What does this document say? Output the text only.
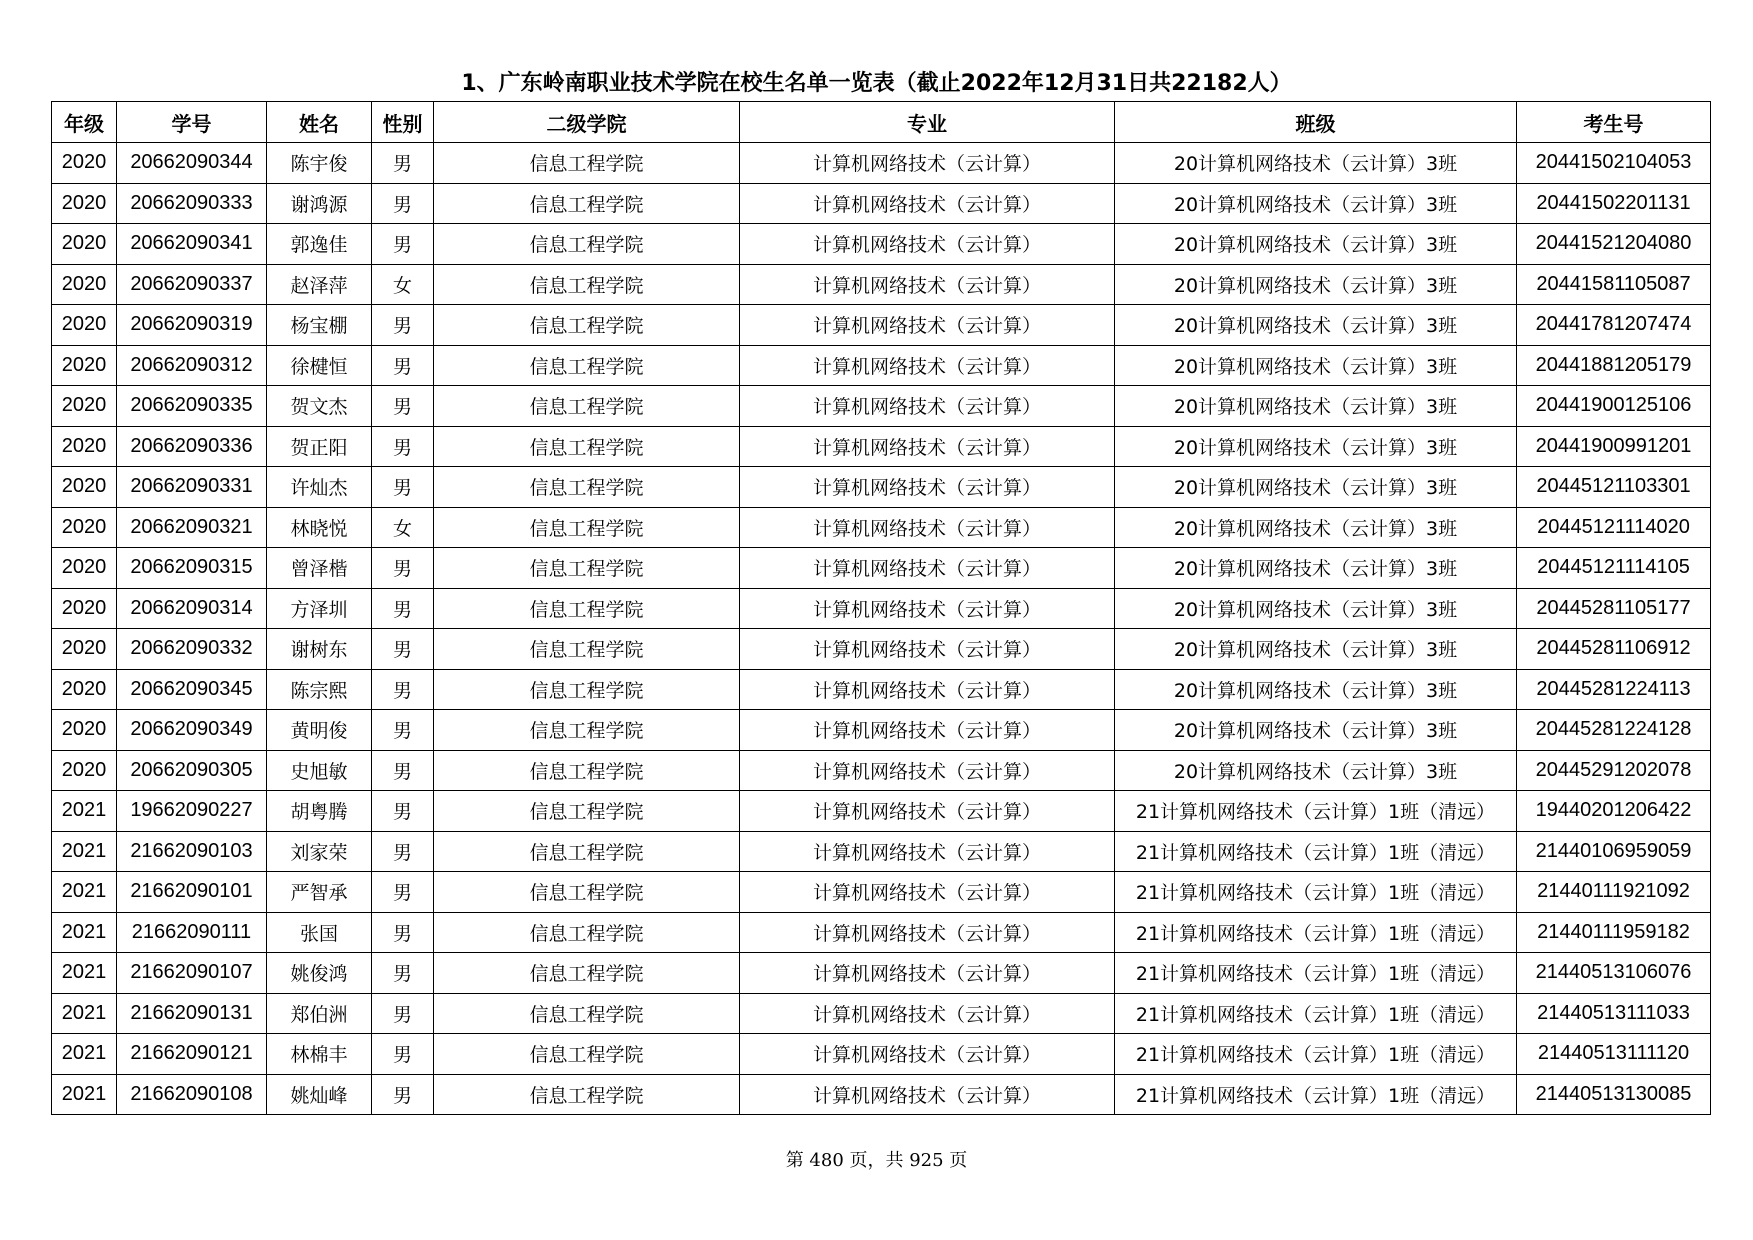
1、广东岭南职业技术学院在校生名单一览表（截止2022年12月31日共22182人）
年级	学号	姓名	性别	二级学院	专业	班级	考生号
2020	20662090344	陈宇俊	男	信息工程学院	计算机网络技术（云计算）	20计算机网络技术（云计算）3班	20441502104053
2020	20662090333	谢鸿源	男	信息工程学院	计算机网络技术（云计算）	20计算机网络技术（云计算）3班	20441502201131
2020	20662090341	郭逸佳	男	信息工程学院	计算机网络技术（云计算）	20计算机网络技术（云计算）3班	20441521204080
2020	20662090337	赵泽萍	女	信息工程学院	计算机网络技术（云计算）	20计算机网络技术（云计算）3班	20441581105087
2020	20662090319	杨宝棚	男	信息工程学院	计算机网络技术（云计算）	20计算机网络技术（云计算）3班	20441781207474
2020	20662090312	徐楗恒	男	信息工程学院	计算机网络技术（云计算）	20计算机网络技术（云计算）3班	20441881205179
2020	20662090335	贺文杰	男	信息工程学院	计算机网络技术（云计算）	20计算机网络技术（云计算）3班	20441900125106
2020	20662090336	贺正阳	男	信息工程学院	计算机网络技术（云计算）	20计算机网络技术（云计算）3班	20441900991201
2020	20662090331	许灿杰	男	信息工程学院	计算机网络技术（云计算）	20计算机网络技术（云计算）3班	20445121103301
2020	20662090321	林晓悦	女	信息工程学院	计算机网络技术（云计算）	20计算机网络技术（云计算）3班	20445121114020
2020	20662090315	曾泽楷	男	信息工程学院	计算机网络技术（云计算）	20计算机网络技术（云计算）3班	20445121114105
2020	20662090314	方泽圳	男	信息工程学院	计算机网络技术（云计算）	20计算机网络技术（云计算）3班	20445281105177
2020	20662090332	谢树东	男	信息工程学院	计算机网络技术（云计算）	20计算机网络技术（云计算）3班	20445281106912
2020	20662090345	陈宗熙	男	信息工程学院	计算机网络技术（云计算）	20计算机网络技术（云计算）3班	20445281224113
2020	20662090349	黄明俊	男	信息工程学院	计算机网络技术（云计算）	20计算机网络技术（云计算）3班	20445281224128
2020	20662090305	史旭敏	男	信息工程学院	计算机网络技术（云计算）	20计算机网络技术（云计算）3班	20445291202078
2021	19662090227	胡粤腾	男	信息工程学院	计算机网络技术（云计算）	21计算机网络技术（云计算）1班（清远）	19440201206422
2021	21662090103	刘家荣	男	信息工程学院	计算机网络技术（云计算）	21计算机网络技术（云计算）1班（清远）	21440106959059
2021	21662090101	严智承	男	信息工程学院	计算机网络技术（云计算）	21计算机网络技术（云计算）1班（清远）	21440111921092
2021	21662090111	张国	男	信息工程学院	计算机网络技术（云计算）	21计算机网络技术（云计算）1班（清远）	21440111959182
2021	21662090107	姚俊鸿	男	信息工程学院	计算机网络技术（云计算）	21计算机网络技术（云计算）1班（清远）	21440513106076
2021	21662090131	郑伯洲	男	信息工程学院	计算机网络技术（云计算）	21计算机网络技术（云计算）1班（清远）	21440513111033
2021	21662090121	林棉丰	男	信息工程学院	计算机网络技术（云计算）	21计算机网络技术（云计算）1班（清远）	21440513111120
2021	21662090108	姚灿峰	男	信息工程学院	计算机网络技术（云计算）	21计算机网络技术（云计算）1班（清远）	21440513130085
第 480 页，共 925 页
